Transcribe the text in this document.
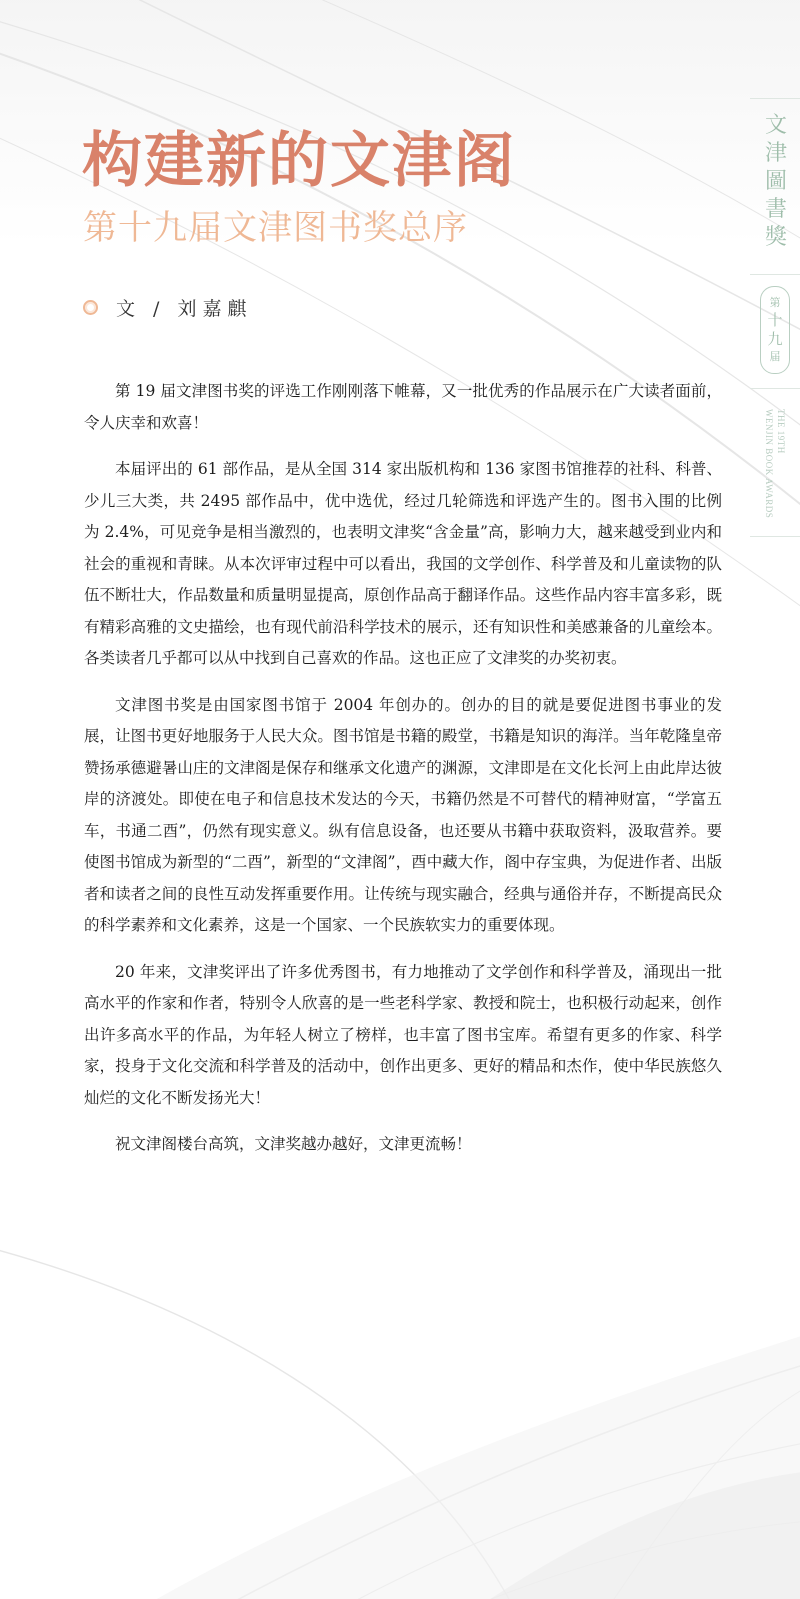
构建新的文津阁
第十九届文津图书奖总序
文 / 刘嘉麒

第 19 届文津图书奖的评选工作刚刚落下帷幕，又一批优秀的作品展示在广大读者面前，令人庆幸和欢喜！

本届评出的 61 部作品，是从全国 314 家出版机构和 136 家图书馆推荐的社科、科普、少儿三大类，共 2495 部作品中，优中选优，经过几轮筛选和评选产生的。图书入围的比例为 2.4%，可见竞争是相当激烈的，也表明文津奖“含金量”高，影响力大，越来越受到业内和社会的重视和青睐。从本次评审过程中可以看出，我国的文学创作、科学普及和儿童读物的队伍不断壮大，作品数量和质量明显提高，原创作品高于翻译作品。这些作品内容丰富多彩，既有精彩高雅的文史描绘，也有现代前沿科学技术的展示，还有知识性和美感兼备的儿童绘本。各类读者几乎都可以从中找到自己喜欢的作品。这也正应了文津奖的办奖初衷。

文津图书奖是由国家图书馆于 2004 年创办的。创办的目的就是要促进图书事业的发展，让图书更好地服务于人民大众。图书馆是书籍的殿堂，书籍是知识的海洋。当年乾隆皇帝赞扬承德避暑山庄的文津阁是保存和继承文化遗产的渊源，文津即是在文化长河上由此岸达彼岸的济渡处。即使在电子和信息技术发达的今天，书籍仍然是不可替代的精神财富，“学富五车，书通二酉”，仍然有现实意义。纵有信息设备，也还要从书籍中获取资料，汲取营养。要使图书馆成为新型的“二酉”，新型的“文津阁”，酉中藏大作，阁中存宝典，为促进作者、出版者和读者之间的良性互动发挥重要作用。让传统与现实融合，经典与通俗并存，不断提高民众的科学素养和文化素养，这是一个国家、一个民族软实力的重要体现。

20 年来，文津奖评出了许多优秀图书，有力地推动了文学创作和科学普及，涌现出一批高水平的作家和作者，特别令人欣喜的是一些老科学家、教授和院士，也积极行动起来，创作出许多高水平的作品，为年轻人树立了榜样，也丰富了图书宝库。希望有更多的作家、科学家，投身于文化交流和科学普及的活动中，创作出更多、更好的精品和杰作，使中华民族悠久灿烂的文化不断发扬光大！

祝文津阁楼台高筑，文津奖越办越好，文津更流畅！

文
津
圖
書
獎
第
十
九
届
THE 19TH
WENJIN BOOK AWARDS
